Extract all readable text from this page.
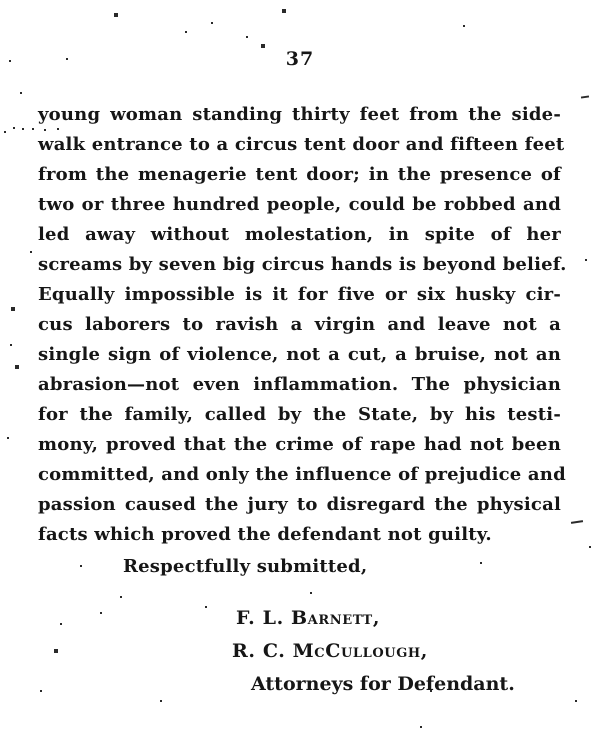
37
young woman standing thirty feet from the side-
walk entrance to a circus tent door and fifteen feet
from the menagerie tent door; in the presence of
two or three hundred people, could be robbed and
led away without molestation, in spite of her
screams by seven big circus hands is beyond belief.
Equally impossible is it for five or six husky cir-
cus laborers to ravish a virgin and leave not a
single sign of violence, not a cut, a bruise, not an
abrasion—not even inflammation. The physician
for the family, called by the State, by his testi-
mony, proved that the crime of rape had not been
committed, and only the influence of prejudice and
passion caused the jury to disregard the physical
facts which proved the defendant not guilty.
Respectfully submitted,
F. L. Barnett,
R. C. McCullough,
Attorneys for Defendant.
